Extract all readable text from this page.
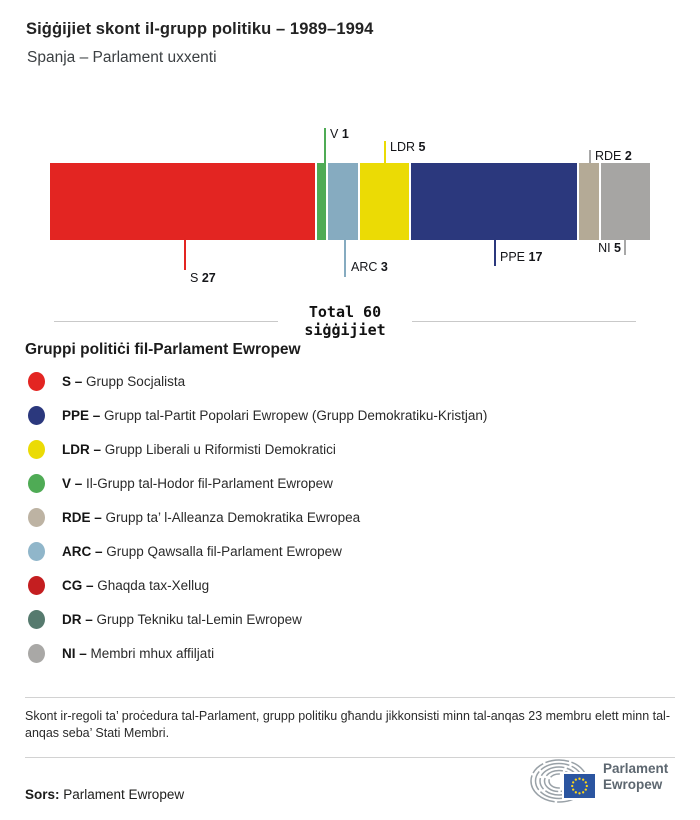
Siġġijiet skont il-grupp politiku – 1989–1994
Spanja – Parlament uxxenti
Total 60
siġġijiet
S 27
V 1
ARC 3
LDR 5
PPE 17
RDE 2
NI 5
Gruppi politiċi fil-Parlament Ewropew
S – Grupp Socjalista
PPE – Grupp tal-Partit Popolari Ewropew (Grupp Demokratiku-Kristjan)
LDR – Grupp Liberali u Riformisti Demokratici
V – Il-Grupp tal-Hodor fil-Parlament Ewropew
RDE – Grupp ta’ l-Alleanza Demokratika Ewropea
ARC – Grupp Qawsalla fil-Parlament Ewropew
CG – Ghaqda tax-Xellug
DR – Grupp Tekniku tal-Lemin Ewropew
NI – Membri mhux affiljati
Skont ir-regoli ta’ proċedura tal-Parlament, grupp politiku għandu jikkonsisti minn tal-anqas 23 membru elett minn tal-anqas seba’ Stati Membri.
Sors: Parlament Ewropew
Parlament
Ewropew
